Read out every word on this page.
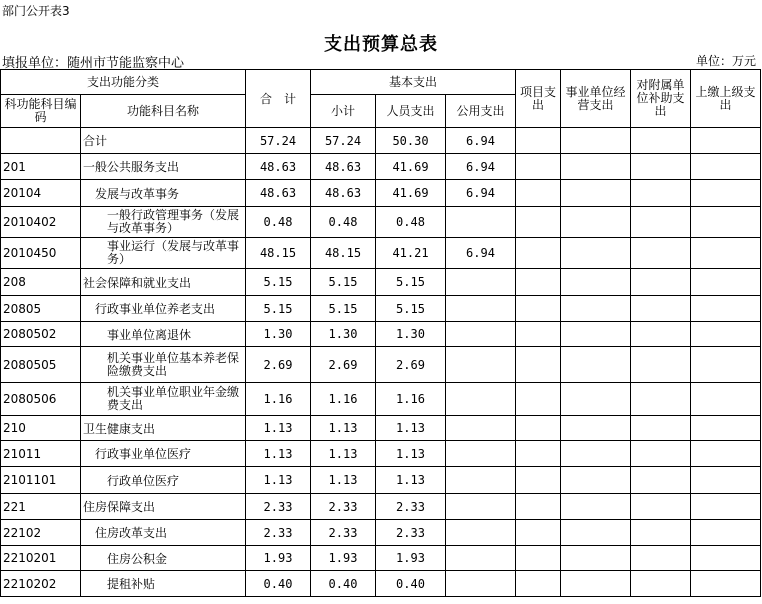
部门公开表3
支出预算总表
填报单位：随州市节能监察中心	单位：万元
支出功能分类		合　计	基本支出			项目支出	事业单位经营支出	对附属单位补助支出	上缴上级支出
科功能科目编码	功能科目名称		小计	人员支出	公用支出				
	合计	57.24	57.24	50.30	6.94				
201	一般公共服务支出	48.63	48.63	41.69	6.94				
20104	发展与改革事务	48.63	48.63	41.69	6.94				
2010402	一般行政管理事务（发展与改革事务）	0.48	0.48	0.48					
2010450	事业运行（发展与改革事务）	48.15	48.15	41.21	6.94				
208	社会保障和就业支出	5.15	5.15	5.15					
20805	行政事业单位养老支出	5.15	5.15	5.15					
2080502	事业单位离退休	1.30	1.30	1.30					
2080505	机关事业单位基本养老保险缴费支出	2.69	2.69	2.69					
2080506	机关事业单位职业年金缴费支出	1.16	1.16	1.16					
210	卫生健康支出	1.13	1.13	1.13					
21011	行政事业单位医疗	1.13	1.13	1.13					
2101101	行政单位医疗	1.13	1.13	1.13					
221	住房保障支出	2.33	2.33	2.33					
22102	住房改革支出	2.33	2.33	2.33					
2210201	住房公积金	1.93	1.93	1.93					
2210202	提租补贴	0.40	0.40	0.40					
